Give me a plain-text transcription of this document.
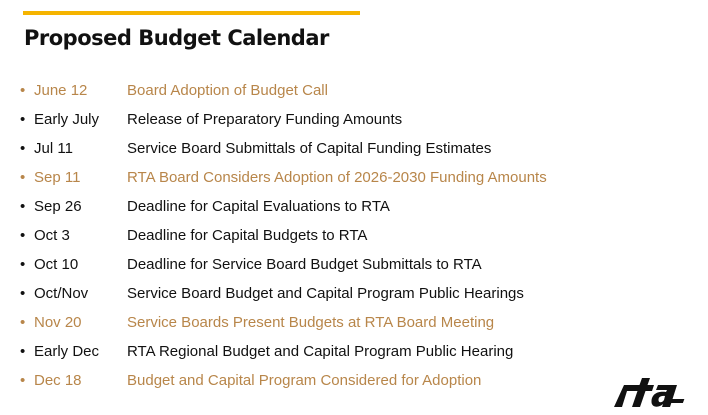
Proposed Budget Calendar
• June 12	Board Adoption of Budget Call
• Early July	Release of Preparatory Funding Amounts
• Jul 11	Service Board Submittals of Capital Funding Estimates
• Sep 11	RTA Board Considers Adoption of 2026-2030 Funding Amounts
• Sep 26	Deadline for Capital Evaluations to RTA
• Oct 3	Deadline for Capital Budgets to RTA
• Oct 10	Deadline for Service Board Budget Submittals to RTA
• Oct/Nov	Service Board Budget and Capital Program Public Hearings
• Nov 20	Service Boards Present Budgets at RTA Board Meeting
• Early Dec	RTA Regional Budget and Capital Program Public Hearing
• Dec 18	Budget and Capital Program Considered for Adoption
